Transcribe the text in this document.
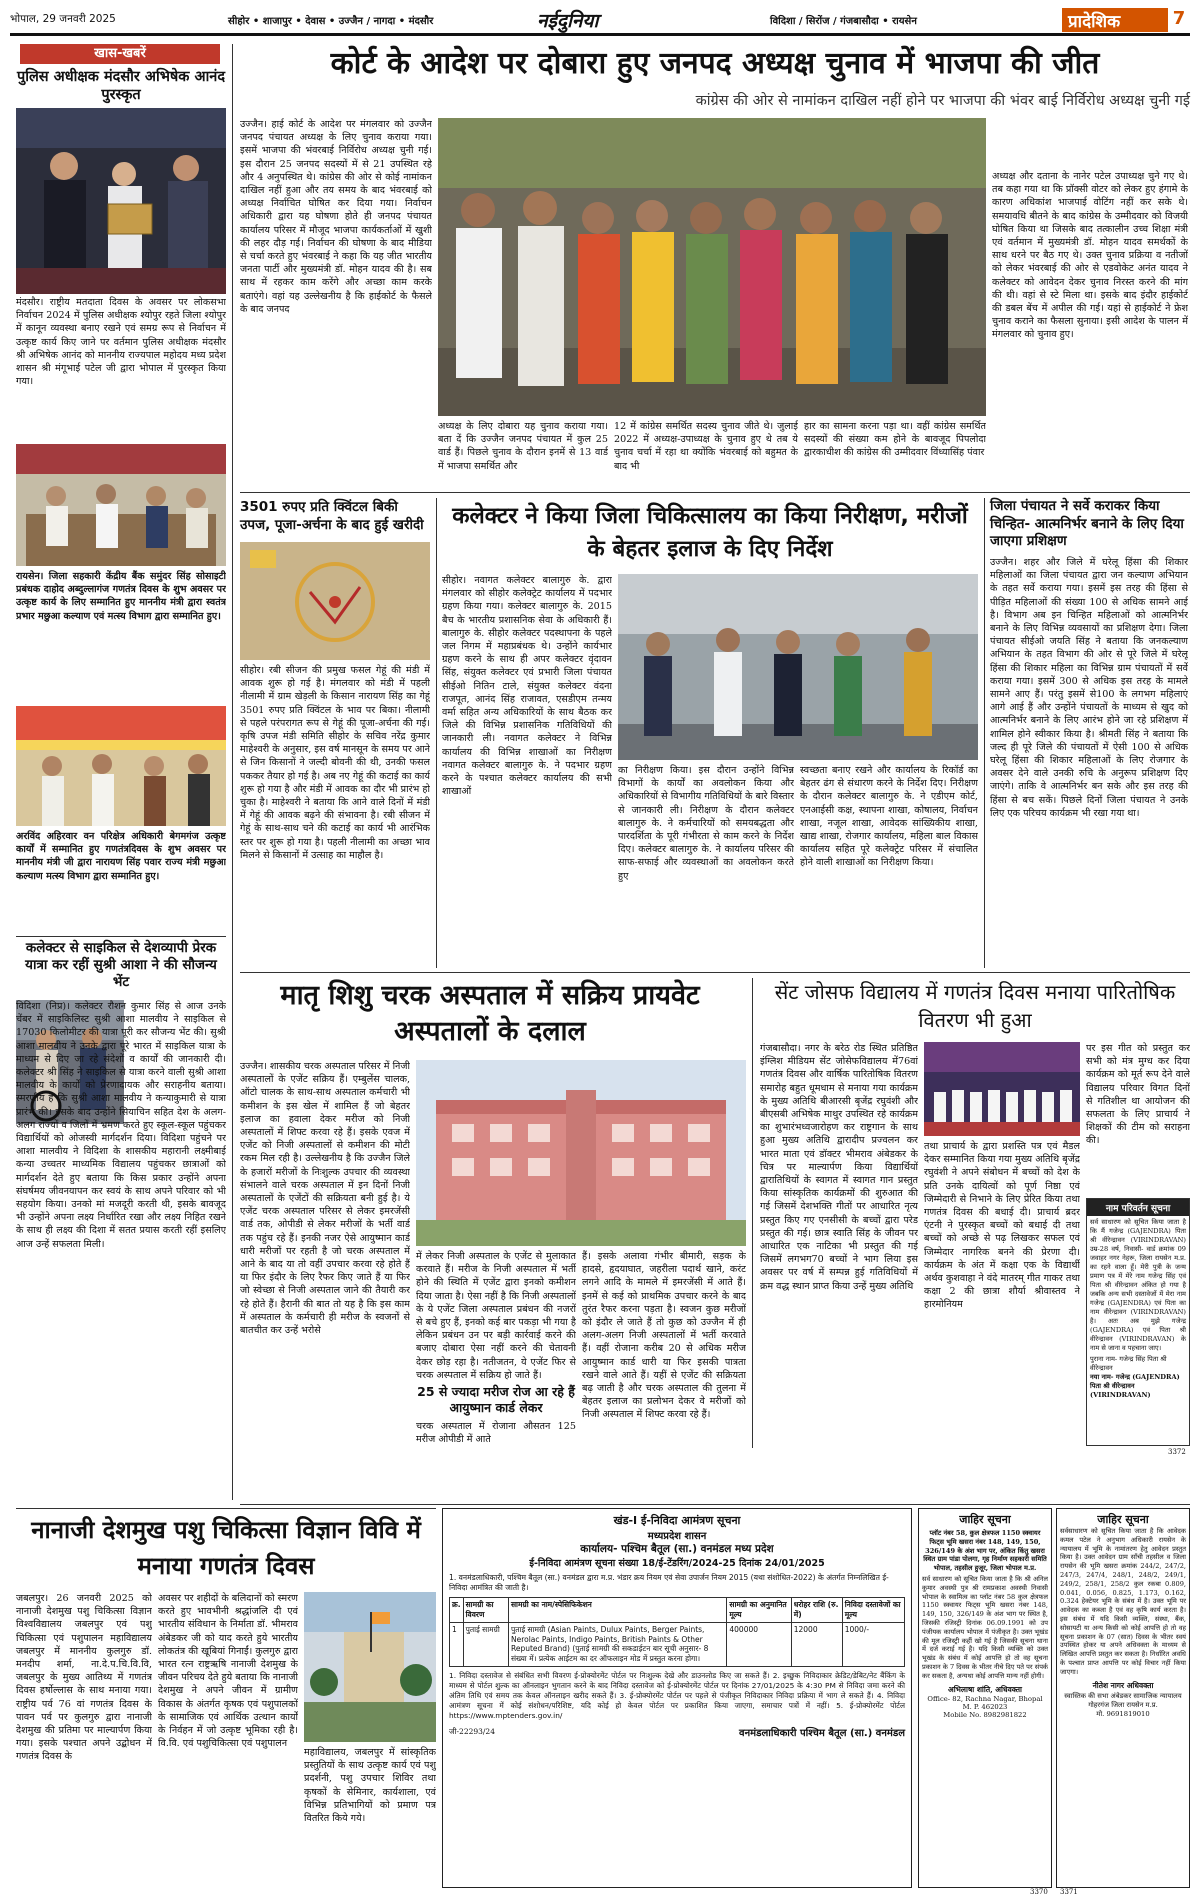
भोपाल, 29 जनवरी 2025	सीहोर • शाजापुर • देवास • उज्जैन / नागदा • मंदसौर	नईदुनिया	विदिशा / सिरोंज / गंजबासौदा • रायसेन	प्रादेशिक	7
खास-खबरें
पुलिस अधीक्षक मंदसौर अभिषेक आनंद पुरस्कृत
मंदसौर। राष्ट्रीय मतदाता दिवस के अवसर पर लोकसभा निर्वाचन 2024 में पुलिस अधीक्षक श्योपुर रहते जिला श्योपुर में कानून व्यवस्था बनाए रखने एवं समग्र रूप से निर्वाचन में उत्कृष्ट कार्य किए जाने पर वर्तमान पुलिस अधीक्षक मंदसौर श्री अभिषेक आनंद को माननीय राज्यपाल महोदय मध्य प्रदेश शासन श्री मंगूभाई पटेल जी द्वारा भोपाल में पुरस्कृत किया गया।
रायसेन। जिला सहकारी केंद्रीय बैंक समुंदर सिंह सोसाइटी प्रबंधक दाहोद अब्दुल्लागंज गणतंत्र दिवस के शुभ अवसर पर उत्कृष्ट कार्य के लिए सम्मानित हुए माननीय मंत्री द्वारा स्वतंत्र प्रभार मछुआ कल्याण एवं मत्स्य विभाग द्वारा सम्मानित हुए।
अरविंद अहिरवार वन परिक्षेत्र अधिकारी बेगमगंज उत्कृष्ट कार्यों में सम्मानित हुए गणतंत्रदिवस के शुभ अवसर पर माननीय मंत्री जी द्वारा नारायण सिंह पवार राज्य मंत्री मछुआ कल्याण मत्स्य विभाग द्वारा सम्मानित हुए।
कलेक्टर से साइकिल से देशव्यापी प्रेरक यात्रा कर रहीं सुश्री आशा ने की सौजन्य भेंट
विदिशा (निप्र)। कलेक्टर रौशन कुमार सिंह से आज उनके चेंबर में साइकिलिस्ट सुश्री आशा मालवीय ने साइकिल से 17030 किलोमीटर की यात्रा पूरी कर सौजन्य भेंट की। सुश्री आशा मालवीय ने उनके द्वारा पूरे भारत में साइकिल यात्रा के माध्यम से दिए जा रहे संदेशों व कार्यों की जानकारी दी। कलेक्टर श्री सिंह ने साइकिल से यात्रा करने वाली सुश्री आशा मालवीय के कार्यों को प्रेरणादायक और सराहनीय बताया। स्मरणीय है कि सुश्री आशा मालवीय ने कन्याकुमारी से यात्रा प्रारंभ की। इसके बाद उन्होंने सियाचिन सहित देश के अलग-अलग राज्यों व जिलों में भ्रमण करते हुए स्कूल-स्कूल पहुंचकर विद्यार्थियों को ओजस्वी मार्गदर्शन दिया। विदिशा पहुंचने पर आशा मालवीय ने विदिशा के शासकीय महारानी लक्ष्मीबाई कन्या उच्चतर माध्यमिक विद्यालय पहुंचकर छात्राओं को मार्गदर्शन देते हुए बताया कि किस प्रकार उन्होंने अपना संघर्षमय जीवनयापन कर स्वयं के साथ अपने परिवार को भी सहयोग किया। उनको मां मजदूरी करती थी, इसके बावजूद भी उन्होंने अपना लक्ष्य निर्धारित रखा और लक्ष्य निहित रखने के साथ ही लक्ष्य की दिशा में सतत प्रयास करती रहीं इसलिए आज उन्हें सफलता मिली।
कोर्ट के आदेश पर दोबारा हुए जनपद अध्यक्ष चुनाव में भाजपा की जीत
कांग्रेस की ओर से नामांकन दाखिल नहीं होने पर भाजपा की भंवर बाई निर्विरोध अध्यक्ष चुनी गई
उज्जैन। हाई कोर्ट के आदेश पर मंगलवार को उज्जैन जनपद पंचायत अध्यक्ष के लिए चुनाव कराया गया। इसमें भाजपा की भंवरबाई निर्विरोध अध्यक्ष चुनी गई। इस दौरान 25 जनपद सदस्यों में से 21 उपस्थित रहे और 4 अनुपस्थित थे। कांग्रेस की ओर से कोई नामांकन दाखिल नहीं हुआ और तय समय के बाद भंवरबाई को अध्यक्ष निर्वाचित घोषित कर दिया गया। निर्वाचन अधिकारी द्वारा यह घोषणा होते ही जनपद पंचायत कार्यालय परिसर में मौजूद भाजपा कार्यकर्ताओं में खुशी की लहर दौड़ गई। निर्वाचन की घोषणा के बाद मीडिया से चर्चा करते हुए भंवरबाई ने कहा कि यह जीत भारतीय जनता पार्टी और मुख्यमंत्री डॉ. मोहन यादव की है। सब साथ में रहकर काम करेंगे और अच्छा काम करके बताएंगे। वहां यह उल्लेखनीय है कि हाईकोर्ट के फैसले के बाद जनपद
अध्यक्ष के लिए दोबारा यह चुनाव कराया गया। बता दें कि उज्जैन जनपद पंचायत में कुल 25 वार्ड हैं। पिछले चुनाव के दौरान इनमें से 13 वार्ड में भाजपा समर्थित और
12 में कांग्रेस समर्थित सदस्य चुनाव जीते थे। जुलाई 2022 में अध्यक्ष-उपाध्यक्ष के चुनाव हुए थे तब ये चुनाव चर्चा में रहा था क्योंकि भंवरबाई को बहुमत के बाद भी
हार का सामना करना पड़ा था। वहीं कांग्रेस समर्थित सदस्यों की संख्या कम होने के बावजूद पिपलोदा द्वारकाधीश की कांग्रेस की उम्मीदवार विंध्यासिंह पंवार
अध्यक्ष और दताना के नानेर पटेल उपाध्यक्ष चुने गए थे। तब कहा गया था कि प्रॉक्सी वोटर को लेकर हुए हंगामे के कारण अधिकांश भाजपाई वोटिंग नहीं कर सके थे। समयावधि बीतने के बाद कांग्रेस के उम्मीदवार को विजयी घोषित किया था जिसके बाद तत्कालीन उच्च शिक्षा मंत्री एवं वर्तमान में मुख्यमंत्री डॉ. मोहन यादव समर्थकों के साथ धरने पर बैठ गए थे। उक्त चुनाव प्रक्रिया व नतीजों को लेकर भंवरबाई की ओर से एडवोकेट अनंत यादव ने कलेक्टर को आवेदन देकर चुनाव निरस्त करने की मांग की थी। वहां से स्टे मिला था। इसके बाद इंदौर हाईकोर्ट की डबल बेंच में अपील की गई। यहां से हाईकोर्ट ने फ्रेश चुनाव कराने का फैसला सुनाया। इसी आदेश के पालन में मंगलवार को चुनाव हुए।
3501 रुपए प्रति क्विंटल बिकी उपज, पूजा-अर्चना के बाद हुई खरीदी
सीहोर। रबी सीजन की प्रमुख फसल गेहूं की मंडी में आवक शुरू हो गई है। मंगलवार को मंडी में पहली नीलामी में ग्राम खेड़ली के किसान नारायण सिंह का गेहूं 3501 रुपए प्रति क्विंटल के भाव पर बिका। नीलामी से पहले परंपरागत रूप से गेहूं की पूजा-अर्चना की गई। कृषि उपज मंडी समिति सीहोर के सचिव नरेंद्र कुमार माहेश्वरी के अनुसार, इस वर्ष मानसून के समय पर आने से जिन किसानों ने जल्दी बोवनी की थी, उनकी फसल पककर तैयार हो गई है। अब नए गेहूं की कटाई का कार्य शुरू हो गया है और मंडी में आवक का दौर भी प्रारंभ हो चुका है। माहेश्वरी ने बताया कि आने वाले दिनों में मंडी में गेहूं की आवक बढ़ने की संभावना है। रबी सीजन में गेहूं के साथ-साथ चने की कटाई का कार्य भी आरंभिक स्तर पर शुरू हो गया है। पहली नीलामी का अच्छा भाव मिलने से किसानों में उत्साह का माहौल है।
कलेक्टर ने किया जिला चिकित्सालय का किया निरीक्षण, मरीजों के बेहतर इलाज के दिए निर्देश
सीहोर। नवागत कलेक्टर बालागुरु के. द्वारा मंगलवार को सीहोर कलेक्ट्रेट कार्यालय में पदभार ग्रहण किया गया। कलेक्टर बालागुरु के. 2015 बैच के भारतीय प्रशासनिक सेवा के अधिकारी हैं। बालागुरु के. सीहोर कलेक्टर पदस्थापना के पहले जल निगम में महाप्रबंधक थे। उन्होंने कार्यभार ग्रहण करने के साथ ही अपर कलेक्टर वृंदावन सिंह, संयुक्त कलेक्टर एवं प्रभारी जिला पंचायत सीईओ नितिन टाले, संयुक्त कलेक्टर वंदना राजपूत, आनंद सिंह राजावत, एसडीएम तन्मय वर्मा सहित अन्य अधिकारियों के साथ बैठक कर जिले की विभिन्न प्रशासनिक गतिविधियों की जानकारी ली। नवागत कलेक्टर ने विभिन्न कार्यालय की विभिन्न शाखाओं का निरीक्षण नवागत कलेक्टर बालागुरु के. ने पदभार ग्रहण करने के पश्चात कलेक्टर कार्यालय की सभी शाखाओं
का निरीक्षण किया। इस दौरान उन्होंने विभिन्न विभागों के कार्यों का अवलोकन किया और अधिकारियों से विभागीय गतिविधियों के बारे विस्तार से जानकारी ली। निरीक्षण के दौरान कलेक्टर बालागुरु के. ने कर्मचारियों को समयबद्धता और पारदर्शिता के पूरी गंभीरता से काम करने के निर्देश दिए। कलेक्टर बालागुरु के. ने कार्यालय परिसर की साफ-सफाई और व्यवस्थाओं का अवलोकन करते हुए
स्वच्छता बनाए रखने और कार्यालय के रिकॉर्ड का बेहतर ढंग से संधारण करने के निर्देश दिए। निरीक्षण के दौरान कलेक्टर बालागुरु के. ने एडीएम कोर्ट, एनआईसी कक्ष, स्थापना शाखा, कोषालय, निर्वाचन शाखा, नजूल शाखा, आवेदक सांख्यिकीय शाखा, खाद्य शाखा, रोजगार कार्यालय, महिला बाल विकास कार्यालय सहित पूरे कलेक्ट्रेट परिसर में संचालित होने वाली शाखाओं का निरीक्षण किया।
जिला पंचायत ने सर्वे कराकर किया चिन्हित- आत्मनिर्भर बनाने के लिए दिया जाएगा प्रशिक्षण
उज्जैन। शहर और जिले में घरेलू हिंसा की शिकार महिलाओं का जिला पंचायत द्वारा जन कल्याण अभियान के तहत सर्वे कराया गया। इसमें इस तरह की हिंसा से पीड़ित महिलाओं की संख्या 100 से अधिक सामने आई है। विभाग अब इन चिन्हित महिलाओं को आत्मनिर्भर बनाने के लिए विभिन्न व्यवसायों का प्रशिक्षण देगा। जिला पंचायत सीईओ जयति सिंह ने बताया कि जनकल्याण अभियान के तहत विभाग की ओर से पूरे जिले में घरेलू हिंसा की शिकार महिला का विभिन्न ग्राम पंचायतों में सर्वे कराया गया। इसमें 300 से अधिक इस तरह के मामले सामने आए हैं। परंतु इसमें से100 के लगभग महिलाएं आगे आई हैं और उन्होंने पंचायतों के माध्यम से खुद को आत्मनिर्भर बनाने के लिए आरंभ होने जा रहे प्रशिक्षण में शामिल होने स्वीकार किया है। श्रीमती सिंह ने बताया कि जल्द ही पूरे जिले की पंचायतों में ऐसी 100 से अधिक घरेलू हिंसा की शिकार महिलाओं के लिए रोजगार के अवसर देने वाले उनकी रुचि के अनुरूप प्रशिक्षण दिए जाएंगे। ताकि वे आत्मनिर्भर बन सके और इस तरह की हिंसा से बच सकें। पिछले दिनों जिला पंचायत ने उनके लिए एक परिचय कार्यक्रम भी रखा गया था।
मातृ शिशु चरक अस्पताल में सक्रिय प्रायवेट अस्पतालों के दलाल
उज्जैन। शासकीय चरक अस्पताल परिसर में निजी अस्पतालों के एजेंट सक्रिय हैं। एम्बुलेंस चालक, ऑटो चालक के साथ-साथ अस्पताल कर्मचारी भी कमीशन के इस खेल में शामिल हैं जो बेहतर इलाज का हवाला देकर मरीज को निजी अस्पतालों में शिफ्ट करवा रहे हैं। इसके एवज में एजेंट को निजी अस्पतालों से कमीशन की मोटी रकम मिल रही है। उल्लेखनीय है कि उज्जैन जिले के हजारों मरीजों के निःशुल्क उपचार की व्यवस्था संभालने वाले चरक अस्पताल में इन दिनों निजी अस्पतालों के एजेंटों की सक्रियता बनी हुई है। ये एजेंट चरक अस्पताल परिसर से लेकर इमरजेंसी वार्ड तक, ओपीडी से लेकर मरीजों के भर्ती वार्ड तक पहुंच रहे हैं। इनकी नजर ऐसे आयुष्मान कार्ड धारी मरीजों पर रहती है जो चरक अस्पताल में आने के बाद या तो वहीं उपचार करवा रहे होते हैं या फिर इंदौर के लिए रैफर किए जाते हैं या फिर जो स्वेच्छा से निजी अस्पताल जाने की तैयारी कर रहे होते हैं। हैरानी की बात तो यह है कि इस काम में अस्पताल के कर्मचारी ही मरीज के स्वजनों से बातचीत कर उन्हें भरोसे
में लेकर निजी अस्पताल के एजेंट से मुलाकात करवाते हैं। मरीज के निजी अस्पताल में भर्ती होने की स्थिति में एजेंट द्वारा इनको कमीशन दिया जाता है। ऐसा नहीं है कि निजी अस्पतालों के ये एजेंट जिला अस्पताल प्रबंधन की नजरों से बचे हुए हैं, इनको कई बार पकड़ा भी गया है लेकिन प्रबंधन उन पर बड़ी कार्रवाई करने की बजाए दोबारा ऐसा नहीं करने की चेतावनी देकर छोड़ रहा है। नतीजतन, ये एजेंट फिर से चरक अस्पताल में सक्रिय हो जाते हैं।
हैं। इसके अलावा गंभीर बीमारी, सड़क के हादसे, हृदयाघात, जहरीला पदार्थ खाने, करंट लगने आदि के मामले में इमरजेंसी में आते हैं। इनमें से कई को प्राथमिक उपचार करने के बाद तुरंत रैफर करना पड़ता है। स्वजन कुछ मरीजों को इंदौर ले जाते हैं तो कुछ को उज्जैन में ही अलग-अलग निजी अस्पतालों में भर्ती करवाते हैं। वहीं रोजाना करीब 20 से अधिक मरीज आयुष्मान कार्ड धारी या फिर इसकी पात्रता रखने वाले आते हैं। यहीं से एजेंट की सक्रियता बढ़ जाती है और चरक अस्पताल की तुलना में बेहतर इलाज का प्रलोभन देकर वे मरीजों को निजी अस्पताल में शिफ्ट करवा रहे हैं।
25 से ज्यादा मरीज रोज आ रहे हैं आयुष्मान कार्ड लेकर
चरक अस्पताल में रोजाना औसतन 125 मरीज ओपीडी में आते
सेंट जोसफ विद्यालय में गणतंत्र दिवस मनाया पारितोषिक वितरण भी हुआ
गंजबासौदा। नगर के बरेठ रोड स्थित प्रतिष्ठित इंग्लिश मीडियम सेंट जोसेफविद्यालय में76वां गणतंत्र दिवस और वार्षिक पारितोषिक वितरण समारोह बहुत धूमधाम से मनाया गया कार्यक्रम के मुख्य अतिथि बीआरसी बृजेंद्र रघुवंशी और बीएसबी अभिषेक माथुर उपस्थित रहे कार्यक्रम का शुभारंभध्वजारोहण कर राष्ट्रगान के साथ हुआ मुख्य अतिथि द्वारादीप प्रज्वलन कर भारत माता एवं डॉक्टर भीमराव अंबेडकर के चित्र पर माल्यार्पण किया विद्यार्थियों द्वारातिथियों के स्वागत में स्वागत गान प्रस्तुत किया सांस्कृतिक कार्यक्रमों की शुरुआत की गई जिसमें देशभक्ति गीतों पर आधारित नृत्य प्रस्तुत किए गए एनसीसी के बच्चों द्वारा परेड प्रस्तुत की गई। छात्र स्वाति सिंह के जीवन पर आधारित एक नाटिका भी प्रस्तुत की गई जिसमें लगभग70 बच्चों ने भाग लिया इस अवसर पर वर्ष में सम्पन्न हुई गतिविधियों में क्रम वद्ध स्थान प्राप्त किया उन्हें मुख्य अतिथि
तथा प्राचार्य के द्वारा प्रशस्ति पत्र एवं मैडल देकर सम्मानित किया गया मुख्य अतिथि बृजेंद्र रघुवंशी ने अपने संबोधन में बच्चों को देश के प्रति उनके दायित्वों को पूर्ण निष्ठा एवं जिम्मेदारी से निभाने के लिए प्रेरित किया तथा गणतंत्र दिवस की बधाई दी। प्राचार्य ब्रदर एंटनी ने पुरस्कृत बच्चों को बधाई दी तथा बच्चों को अच्छे से पढ़ लिखकर सफल एवं जिम्मेदार नागरिक बनने की प्रेरणा दी। कार्यक्रम के अंत में कक्षा एक के विद्यार्थी अर्थव कुशवाहा ने वंदे मातरम् गीत गाकर तथा कक्षा 2 की छात्रा शौर्या श्रीवास्तव ने हारमोनियम
पर इस गीत को प्रस्तुत कर सभी को मंत्र मुग्ध कर दिया कार्यक्रम को मूर्त रूप देने वाले विद्यालय परिवार विगत दिनों से गतिशील था आयोजन की सफलता के लिए प्राचार्य ने शिक्षकों की टीम को सराहना की।
नाम परिवर्तन सूचना
सर्व साधारण को सूचित किया जाता है कि मैं गजेन्द्र (GAJENDRA) पिता श्री वीरेन्द्रावन (VIRINDRAVAN) उम्र-28 वर्ष, निवासी- वार्ड क्रमांक 09 जवाहर नगर नेहरू, जिला रायसेन म.प्र. का रहने वाला हूँ। मेरी पुत्री के जन्म प्रमाण पत्र में मेरे नाम गजेन्द्र सिंह एवं पिता श्री वीरेन्द्रावन अंकित हो गया है जबकि अन्य सभी दस्तावेजों में मेरा नाम गजेन्द्र (GAJENDRA) एवं पिता का नाम वीरेन्द्रावन (VIRINDRAVAN) है। अतः अब मुझे गजेन्द्र (GAJENDRA) एवं पिता श्री वीरेन्द्रावन (VIRINDRAVAN) के नाम से जाना व पहचाना जाए।
पुराना नाम- गजेन्द्र सिंह पिता श्री वीरेन्द्रावन
नया नाम- गजेन्द्र (GAJENDRA) पिता श्री वीरेन्द्रावन (VIRINDRAVAN)
3372
नानाजी देशमुख पशु चिकित्सा विज्ञान विवि में मनाया गणतंत्र दिवस
जबलपुर। 26 जनवरी 2025 को नानाजी देशमुख पशु चिकित्सा विज्ञान विश्वविद्यालय जबलपुर एवं पशु चिकित्सा एवं पशुपालन महाविद्यालय जबलपुर में माननीय कुलगुरु डॉ. मनदीप शर्मा, ना.दे.प.चि.वि.वि, जबलपुर के मुख्य आतिथ्य में गणतंत्र दिवस हर्षोल्लास के साथ मनाया गया। राष्ट्रीय पर्व 76 वां गणतंत्र दिवस के पावन पर्व पर कुलगुरु द्वारा नानाजी देशमुख की प्रतिमा पर माल्यार्पण किया गया। इसके पश्चात अपने उद्बोधन में गणतंत्र दिवस के
अवसर पर शहीदों के बलिदानों को स्मरण करते हुए भावभीनी श्रद्धांजलि दी एवं भारतीय संविधान के निर्माता डॉ. भीमराव अंबेडकर जी को याद करते हुये भारतीय लोकतंत्र की खूबियां गिनाईं। कुलगुरु द्वारा भारत रत्न राष्ट्रऋषि नानाजी देशमुख के जीवन परिचय देते हुये बताया कि नानाजी देशमुख ने अपने जीवन में ग्रामीण विकास के अंतर्गत कृषक एवं पशुपालकों के सामाजिक एवं आर्थिक उत्थान कार्यों के निर्वहन में जो उत्कृष्ट भूमिका रही है। वि.वि. एवं पशुचिकित्सा एवं पशुपालन
महाविद्यालय, जबलपुर में सांस्कृतिक प्रस्तुतियों के साथ उत्कृष्ट कार्य एवं पशु प्रदर्शनी, पशु उपचार शिविर तथा कृषकों के सेमिनार, कार्यशाला, एवं विभिन्न प्रतिभागियों को प्रमाण पत्र वितरित किये गये।
खंड-I ई-निविदा आमंत्रण सूचना
मध्यप्रदेश शासन
कार्यालय- पश्चिम बैतूल (सा.) वनमंडल मध्य प्रदेश
ई-निविदा आमंत्रण सूचना संख्या 18/ई-टेंडरिंग/2024-25 दिनांक 24/01/2025
1. वनमंडलाधिकारी, पश्चिम बैतूल (सा.) वनमंडल द्वारा म.प्र. भंडार क्रय नियम एवं सेवा उपार्जन नियम 2015 (यथा संशोधित-2022) के अंतर्गत निम्नलिखित ई-निविदा आमंत्रित की जाती है।
क्र.	सामग्री का विवरण	सामग्री का नाम/स्पेसिफिकेशन	सामग्री का अनुमानित मूल्य	धरोहर राशि (रु. में)	निविदा दस्तावेजों का मूल्य
1	पुताई सामग्री	पुताई सामग्री (Asian Paints, Dulux Paints, Berger Paints, Nerolac Paints, Indigo Paints, British Paints & Other Reputed Brand) (पुताई सामग्री की सकडाईटन बार सूची अनुसार- 8 संख्या में। प्रत्येक आईटम का दर ऑफलाइन मोड में प्रस्तुत करना होगा।	400000	12000	1000/-
1. निविदा दस्तावेज से संबंधित सभी विवरण ई-प्रोक्योरमेंट पोर्टल पर निःशुल्क देखे और डाउनलोड किए जा सकते हैं। 2. इच्छुक निविदाकार क्रेडिट/डेबिट/नेट बैंकिंग के माध्यम से पोर्टल शुल्क का ऑनलाइन भुगतान करने के बाद निविदा दस्तावेज को ई-प्रोक्योरमेंट पोर्टल पर दिनांक 27/01/2025 के 4:30 PM से निविदा जमा करने की अंतिम तिथि एवं समय तक केवल ऑनलाइन खरीद सकते हैं। 3. ई-प्रोक्योरमेंट पोर्टल पर पहले से पंजीकृत निविदाकार निविदा प्रक्रिया में भाग ले सकते हैं। 4. निविदा आमंत्रण सूचना में कोई संशोधन/परिशिष्ट, यदि कोई हो केवल पोर्टल पर प्रकाशित किया जाएगा, समाचार पत्रों में नहीं। 5. ई-प्रोक्योरमेंट पोर्टल https://www.mptenders.gov.in/
वनमंडलाधिकारी पश्चिम बैतूल (सा.) वनमंडल
जी-22293/24
जाहिर सूचना
प्लॉट नंबर 58, कुल क्षेत्रफल 1150 स्क्वायर फिट्स भूमि खसरा नंबर 148, 149, 150, 326/149 के अंश भाग पर, अंकित किंतु खसरा स्थित ग्राम पांडा पोलगा, गृह निर्माण सहकारी समिति भोपाल, तहसील हुजूर, जिला भोपाल म.प्र.
सर्व साधारण को सूचित किया जाता है कि श्री अनिल कुमार अवस्थी पुत्र श्री रामप्रकाश अवस्थी निवासी भोपाल के स्वामित्व का प्लॉट नंबर 58 कुल क्षेत्रफल 1150 स्क्वायर फिट्स भूमि खसरा नंबर 148, 149, 150, 326/149 के अंश भाग पर स्थित है, जिसकी रजिस्ट्री दिनांक 06.09.1991 को उप पंजीयक कार्यालय भोपाल में पंजीकृत है। उक्त भूखंड की मूल रजिस्ट्री कहीं खो गई है जिसकी सूचना थाना में दर्ज कराई गई है। यदि किसी व्यक्ति को उक्त भूखंड के संबंध में कोई आपत्ति हो तो वह सूचना प्रकाशन के 7 दिवस के भीतर नीचे दिए पते पर संपर्क कर सकता है, अन्यथा कोई आपत्ति मान्य नहीं होगी।
अभिलाषा शांति, अधिवक्ता
Office- 82, Rachna Nagar, Bhopal M. P. 462023
Mobile No. 8982981822
3370
जाहिर सूचना
सर्वसाधारण को सूचित किया जाता है कि आवेदक कमल पटेल ने अनुभाग अधिकारी रायसेन के न्यायालय में भूमि के नामांतरण हेतु आवेदन प्रस्तुत किया है। उक्त आवेदन ग्राम साँची तहसील व जिला रायसेन की भूमि खसरा क्रमांक 244/2, 247/2, 247/3, 247/4, 248/1, 248/2, 249/1, 249/2, 258/1, 258/2 कुल रकबा 0.809, 0.041, 0.056, 0.825, 1.173, 0.162, 0.324 हेक्टेयर भूमि के संबंध में है। उक्त भूमि पर आवेदक का कब्जा है एवं वह कृषि कार्य करता है। इस संबंध में यदि किसी व्यक्ति, संस्था, बैंक, सोसायटी या अन्य किसी को कोई आपत्ति हो तो वह सूचना प्रकाशन के 07 (सात) दिवस के भीतर स्वयं उपस्थित होकर या अपने अधिवक्ता के माध्यम से लिखित आपत्ति प्रस्तुत कर सकता है। निर्धारित अवधि के पश्चात प्राप्त आपत्ति पर कोई विचार नहीं किया जाएगा।
नीतेश नागर अधिवक्ता
स्वास्तिक की सभा अंबेडकर सामाजिक न्यायालय गोहरगंज जिला रायसेन म.प्र.
मो. 9691819010
3371
